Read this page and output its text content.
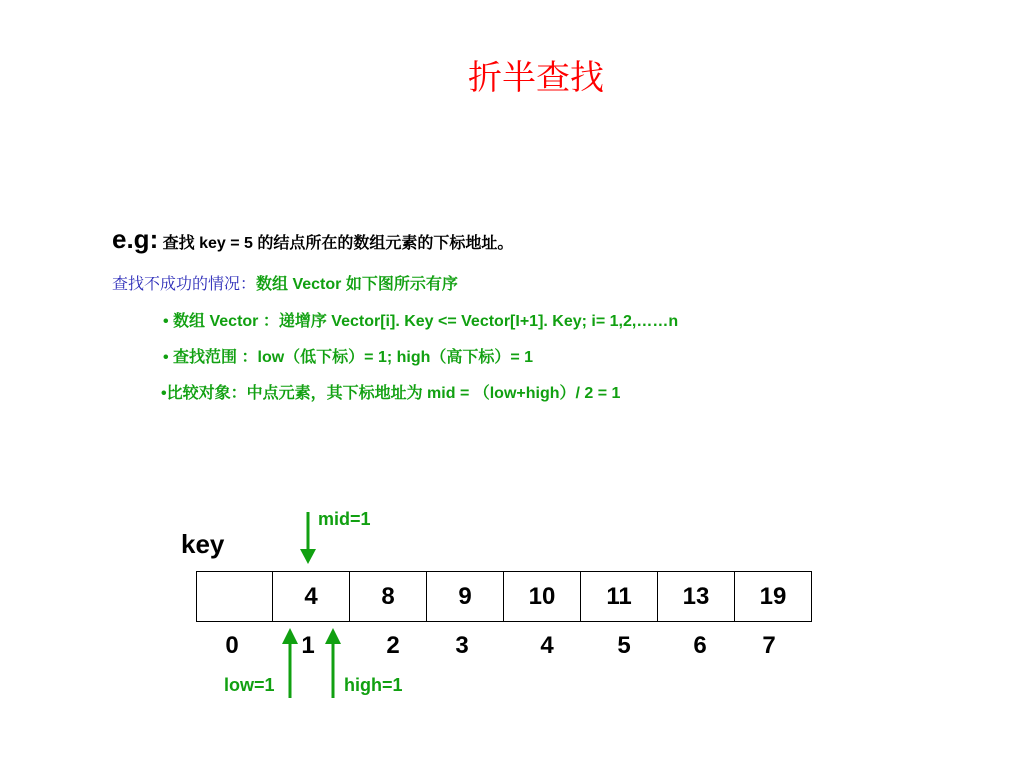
折半查找
e.g: 查找 key = 5 的结点所在的数组元素的下标地址。
查找不成功的情况：数组 Vector 如下图所示有序
• 数组 Vector ：递增序 Vector[i]. Key <= Vector[I+1]. Key; i= 1,2,……n
• 查找范围 ：low（低下标）= 1; high（高下标）= 1
•比较对象：中点元素，其下标地址为 mid = （low+high）/ 2 = 1
key
	4	8	9	10	11	13	19
0	1	2 3	4	5	6 7
mid=1
low=1	high=1
